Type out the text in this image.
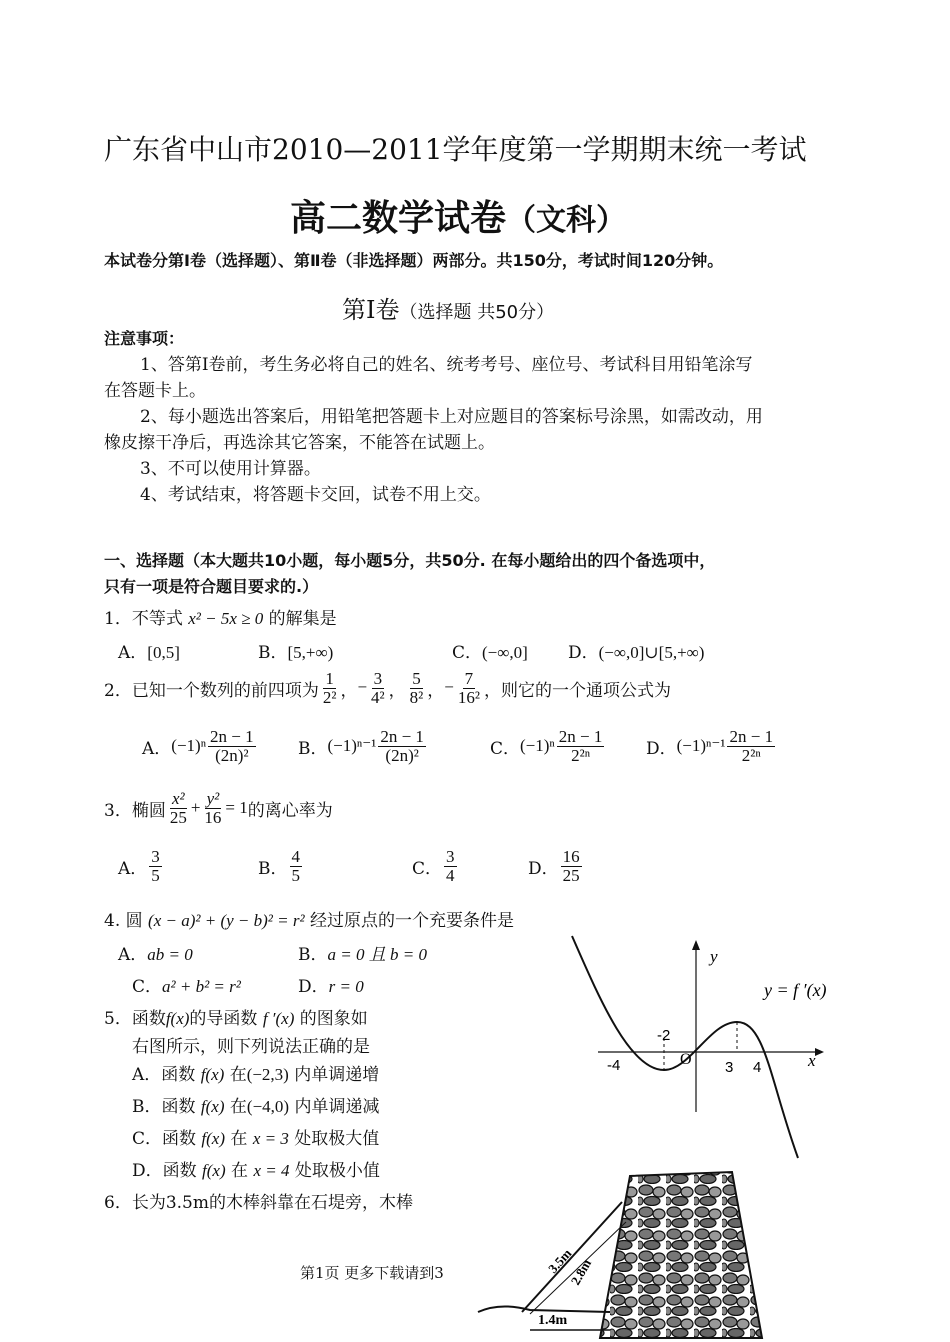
广东省中山市2010—2011学年度第一学期期末统一考试
高二数学试卷（文科）
本试卷分第Ⅰ卷（选择题）、第Ⅱ卷（非选择题）两部分。共150分，考试时间120分钟。
第Ⅰ卷（选择题 共50分）
注意事项：
1、答第Ⅰ卷前，考生务必将自己的姓名、统考考号、座位号、考试科目用铅笔涂写
在答题卡上。
2、每小题选出答案后，用铅笔把答题卡上对应题目的答案标号涂黑，如需改动，用
橡皮擦干净后，再选涂其它答案，不能答在试题上。
3、不可以使用计算器。
4、考试结束，将答题卡交回，试卷不用上交。
一、选择题（本大题共10小题，每小题5分，共50分. 在每小题给出的四个备选项中，
只有一项是符合题目要求的.）
1．不等式 x² − 5x ≥ 0 的解集是
A．[0,5]	B．[5,+∞)	C．(−∞,0] D．(−∞,0]∪[5,+∞)
2．已知一个数列的前四项为 $\frac{1}{\text{2²}}$ ， − $\frac{3}{\text{4²}}$ ， $\frac{5}{\text{8²}}$ ， − $\frac{7}{\text{16²}}$ ，则它的一个通项公式为
A． $(-1)^n \frac{2n - 1}{\text{(2n)²}}$ B． $(-1)^{n-1} \frac{2n - 1}{\text{(2n)²}}$	C． $(-1)^n \frac{2n - 1}{\text{2²ⁿ}}$ D． $(-1)^{n-1} \frac{2n - 1}{\text{2²ⁿ}}$
3．椭圆 $\frac{\text{x²}}{25} + \frac{\text{y²}}{16} = 1$ 的离心率为
A． $\frac{3}{5}$	B． $\frac{4}{5}$	C． $\frac{3}{4}$	D． $\frac{16}{25}$
4. 圆 (x − a)² + (y − b)² = r² 经过原点的一个充要条件是
A．ab = 0	B．a = 0 且 b = 0
C．a² + b² = r²	D．r = 0
5．函数f(x)的导函数 f ′(x) 的图象如
右图所示，则下列说法正确的是
A．函数 f(x) 在(−2,3) 内单调递增
B．函数 f(x) 在(−4,0) 内单调递减
C．函数 f(x) 在 x = 3 处取极大值
D．函数 f(x) 在 x = 4 处取极小值
y
x
y = f ′(x)
O
-4
-2
3 4
6．长为3.5m的木棒斜靠在石堤旁，木棒
3.5m
2.8m
1.4m
第1页 更多下载请到3
